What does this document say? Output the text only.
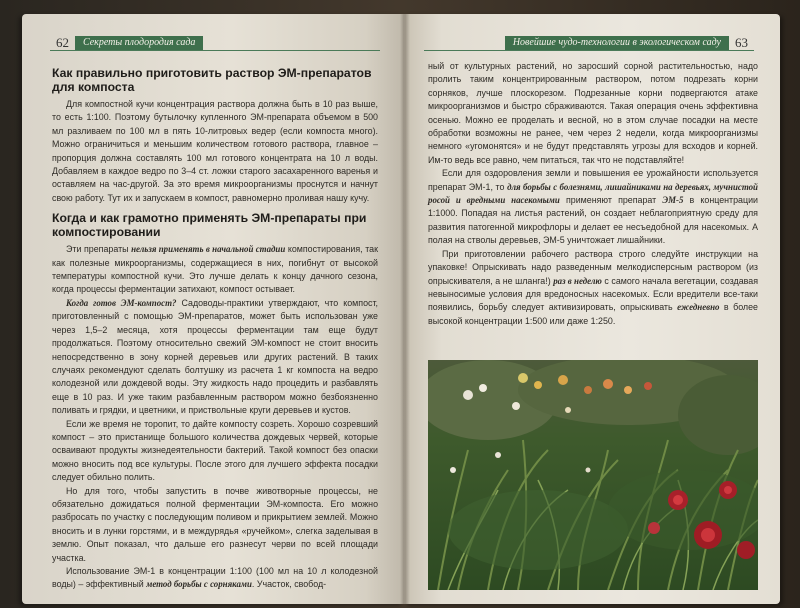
62	Секреты плодородия сада
Как правильно приготовить раствор ЭМ-препаратов для компоста

Для компостной кучи концентрация раствора должна быть в 10 раз выше, то есть 1:100. Поэтому бутылочку купленного ЭМ-препарата объемом в 500 мл разливаем по 100 мл в пять 10-литровых ведер (если компоста много). Можно ограничиться и меньшим количеством готового раствора, главное – пропорция должна составлять 100 мл готового концентрата на 10 л воды. Добавляем в каждое ведро по 3–4 ст. ложки старого засахаренного варенья и оставляем на час-другой. За это время микроорганизмы проснутся и начнут свою работу. Тут их и запускаем в компост, равномерно проливая нашу кучу.

Когда и как грамотно применять ЭМ-препараты при компостировании

Эти препараты нельзя применять в начальной стадии компостирования, так как полезные микроорганизмы, содержащиеся в них, погибнут от высокой температуры компостной кучи. Это лучше делать к концу дачного сезона, когда процессы ферментации затихают, компост остывает.

Когда готов ЭМ-компост? Садоводы-практики утверждают, что компост, приготовленный с помощью ЭМ-препаратов, может быть использован уже через 1,5–2 месяца, хотя процессы ферментации там еще будут продолжаться. Поэтому относительно свежий ЭМ-компост не стоит вносить непосредственно в зону корней деревьев или других растений. В таких случаях рекомендуют сделать болтушку из расчета 1 кг компоста на ведро колодезной или дождевой воды. Эту жидкость надо процедить и разбавлять еще в 10 раз. И уже таким разбавленным раствором можно безбоязненно поливать и грядки, и цветники, и приствольные круги деревьев и кустов.

Если же время не торопит, то дайте компосту созреть. Хорошо созревший компост – это пристанище большого количества дождевых червей, которые осваивают продукты жизнедеятельности бактерий. Такой компост без опаски можно вносить под все культуры. После этого для лучшего эффекта посадки следует обильно полить.

Но для того, чтобы запустить в почве животворные процессы, не обязательно дожидаться полной ферментации ЭМ-компоста. Его можно разбросать по участку с последующим поливом и прикрытием землей. Можно вносить и в лунки горстями, и в междурядья «ручейком», слегка заделывая в землю. Опыт показал, что дальше его разнесут черви по всей площади участка.

Использование ЭМ-1 в концентрации 1:100 (100 мл на 10 л колодезной воды) – эффективный метод борьбы с сорняками. Участок, свобод-

Новейшие чудо-технологии в экологическом саду	63

ный от культурных растений, но заросший сорной растительностью, надо пролить таким концентрированным раствором, потом подрезать корни сорняков, лучше плоскорезом. Подрезанные корни подвергаются атаке микроорганизмов и быстро сбраживаются. Такая операция очень эффективна осенью. Можно ее проделать и весной, но в этом случае посадки на месте обработки возможны не ранее, чем через 2 недели, когда микроорганизмы немного «угомонятся» и не будут представлять угрозы для всходов и корней. Им-то ведь все равно, чем питаться, так что не подставляйте!

Если для оздоровления земли и повышения ее урожайности используется препарат ЭМ-1, то для борьбы с болезнями, лишайниками на деревьях, мучнистой росой и вредными насекомыми применяют препарат ЭМ-5 в концентрации 1:1000. Попадая на листья растений, он создает неблагоприятную среду для развития патогенной микрофлоры и делает ее несъедобной для насекомых. А полая на стволы деревьев, ЭМ-5 уничтожает лишайники.

При приготовлении рабочего раствора строго следуйте инструкции на упаковке! Опрыскивать надо разведенным мелкодисперсным раствором (из опрыскивателя, а не шланга!) раз в неделю с самого начала вегетации, создавая невыносимые условия для вредоносных насекомых. Если вредители все-таки появились, борьбу следует активизировать, опрыскивать ежедневно в более высокой концентрации 1:500 или даже 1:250.
